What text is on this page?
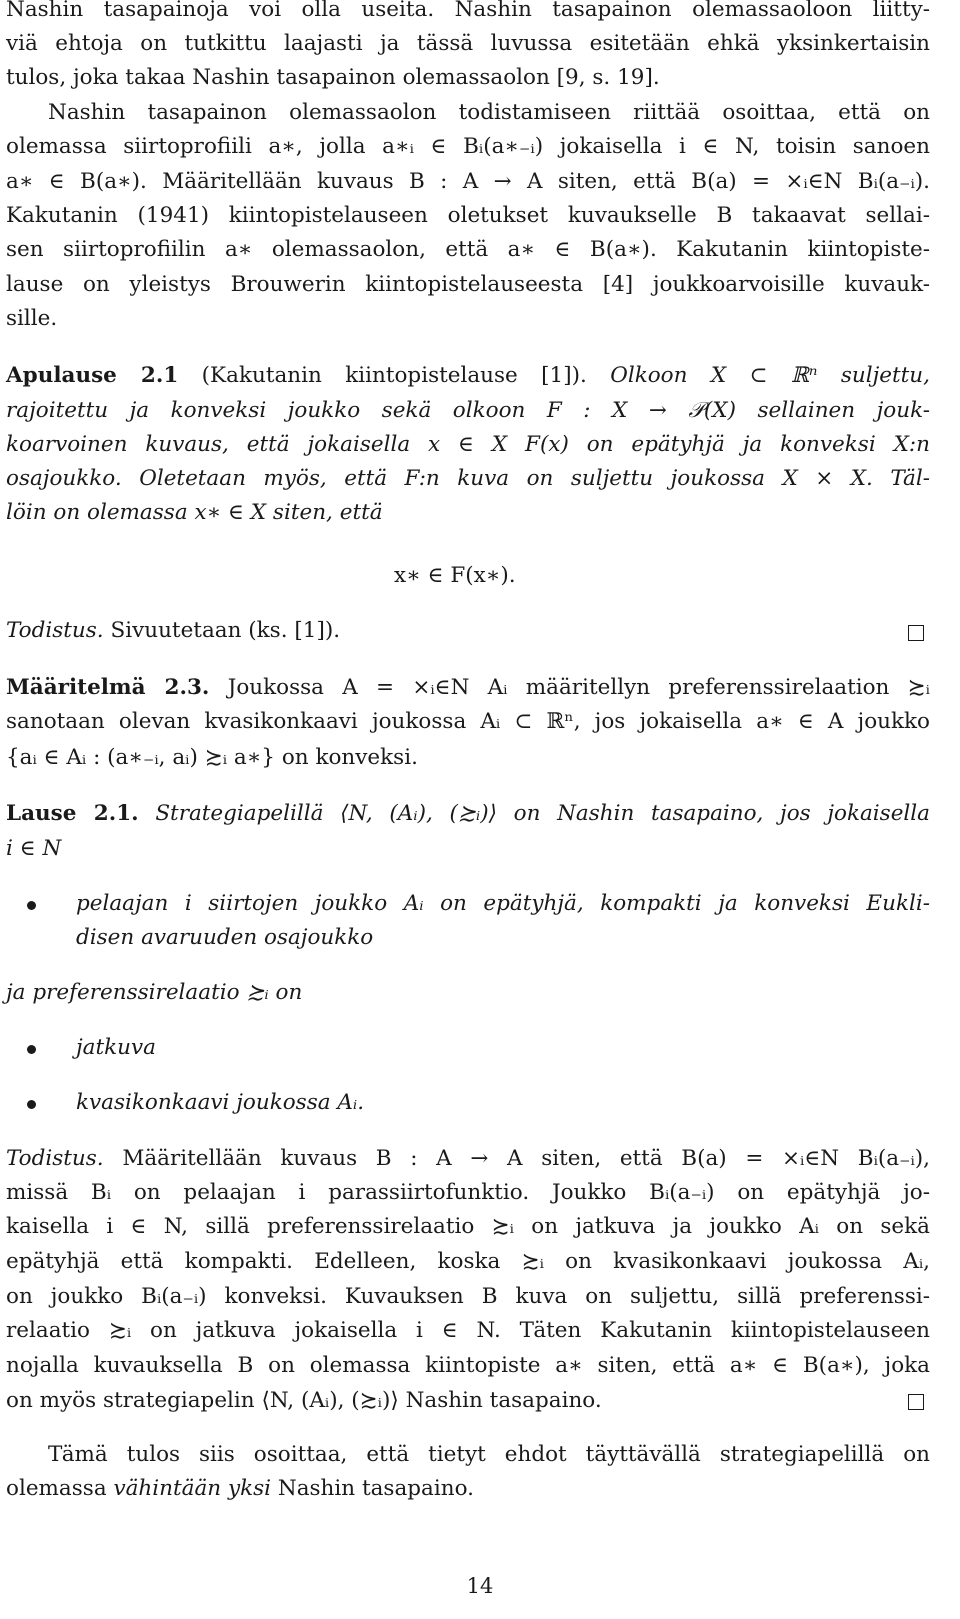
Nashin tasapainoja voi olla useita. Nashin tasapainon olemassaoloon liitty-
viä ehtoja on tutkittu laajasti ja tässä luvussa esitetään ehkä yksinkertaisin
tulos, joka takaa Nashin tasapainon olemassaolon [9, s. 19].
Nashin tasapainon olemassaolon todistamiseen riittää osoittaa, että on
olemassa siirtoprofiili a∗, jolla a∗ᵢ ∈ Bᵢ(a∗₋ᵢ) jokaisella i ∈ N, toisin sanoen
a∗ ∈ B(a∗). Määritellään kuvaus B : A → A siten, että B(a) = ×ᵢ∈N Bᵢ(a₋ᵢ).
Kakutanin (1941) kiintopistelauseen oletukset kuvaukselle B takaavat sellai-
sen siirtoprofiilin a∗ olemassaolon, että a∗ ∈ B(a∗). Kakutanin kiintopiste-
lause on yleistys Brouwerin kiintopistelauseesta [4] joukkoarvoisille kuvauk-
sille.
Apulause 2.1 (Kakutanin kiintopistelause [1]). Olkoon X ⊂ ℝⁿ suljettu,
rajoitettu ja konveksi joukko sekä olkoon F : X → 𝒫(X) sellainen jouk-
koarvoinen kuvaus, että jokaisella x ∈ X F(x) on epätyhjä ja konveksi X:n
osajoukko. Oletetaan myös, että F:n kuva on suljettu joukossa X × X. Täl-
löin on olemassa x∗ ∈ X siten, että
x∗ ∈ F(x∗).
Todistus. Sivuutetaan (ks. [1]).
Määritelmä 2.3. Joukossa A = ×ᵢ∈N Aᵢ määritellyn preferenssirelaation ≿ᵢ
sanotaan olevan kvasikonkaavi joukossa Aᵢ ⊂ ℝⁿ, jos jokaisella a∗ ∈ A joukko
{aᵢ ∈ Aᵢ : (a∗₋ᵢ, aᵢ) ≿ᵢ a∗} on konveksi.
Lause 2.1. Strategiapelillä ⟨N, (Aᵢ), (≿ᵢ)⟩ on Nashin tasapaino, jos jokaisella
i ∈ N
pelaajan i siirtojen joukko Aᵢ on epätyhjä, kompakti ja konveksi Eukli-
disen avaruuden osajoukko
ja preferenssirelaatio ≿ᵢ on
jatkuva
kvasikonkaavi joukossa Aᵢ.
Todistus. Määritellään kuvaus B : A → A siten, että B(a) = ×ᵢ∈N Bᵢ(a₋ᵢ),
missä Bᵢ on pelaajan i parassiirtofunktio. Joukko Bᵢ(a₋ᵢ) on epätyhjä jo-
kaisella i ∈ N, sillä preferenssirelaatio ≿ᵢ on jatkuva ja joukko Aᵢ on sekä
epätyhjä että kompakti. Edelleen, koska ≿ᵢ on kvasikonkaavi joukossa Aᵢ,
on joukko Bᵢ(a₋ᵢ) konveksi. Kuvauksen B kuva on suljettu, sillä preferenssi-
relaatio ≿ᵢ on jatkuva jokaisella i ∈ N. Täten Kakutanin kiintopistelauseen
nojalla kuvauksella B on olemassa kiintopiste a∗ siten, että a∗ ∈ B(a∗), joka
on myös strategiapelin ⟨N, (Aᵢ), (≿ᵢ)⟩ Nashin tasapaino.
Tämä tulos siis osoittaa, että tietyt ehdot täyttävällä strategiapelillä on
olemassa vähintään yksi Nashin tasapaino.
14
